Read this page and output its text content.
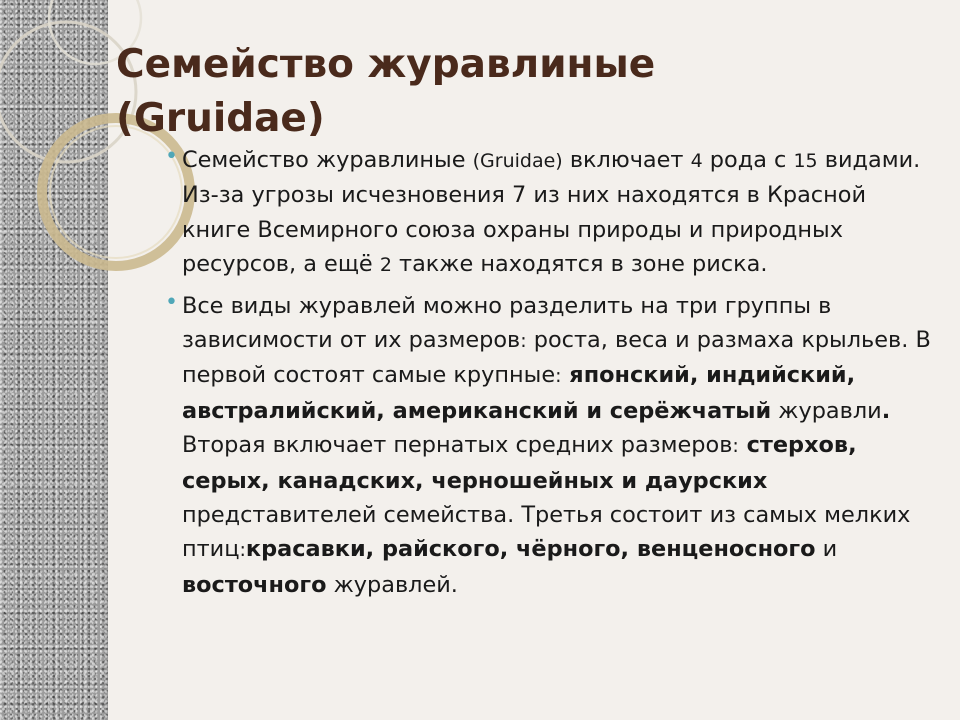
Семейство журавлиные (Gruidae)
• Семейство журавлиные (Gruidae) включает 4 рода с 15 видами. Из-за угрозы исчезновения 7 из них находятся в Красной книге Всемирного союза охраны природы и природных ресурсов, а ещё 2 также находятся в зоне риска.
• Все виды журавлей можно разделить на три группы в зависимости от их размеров: роста, веса и размаха крыльев. В первой состоят самые крупные: японский, индийский, австралийский, американский и серёжчатый журавли. Вторая включает пернатых средних размеров: стерхов, серых, канадских, черношейных и даурских представителей семейства. Третья состоит из самых мелких птиц:красавки, райского, чёрного, венценосного и восточного журавлей.
